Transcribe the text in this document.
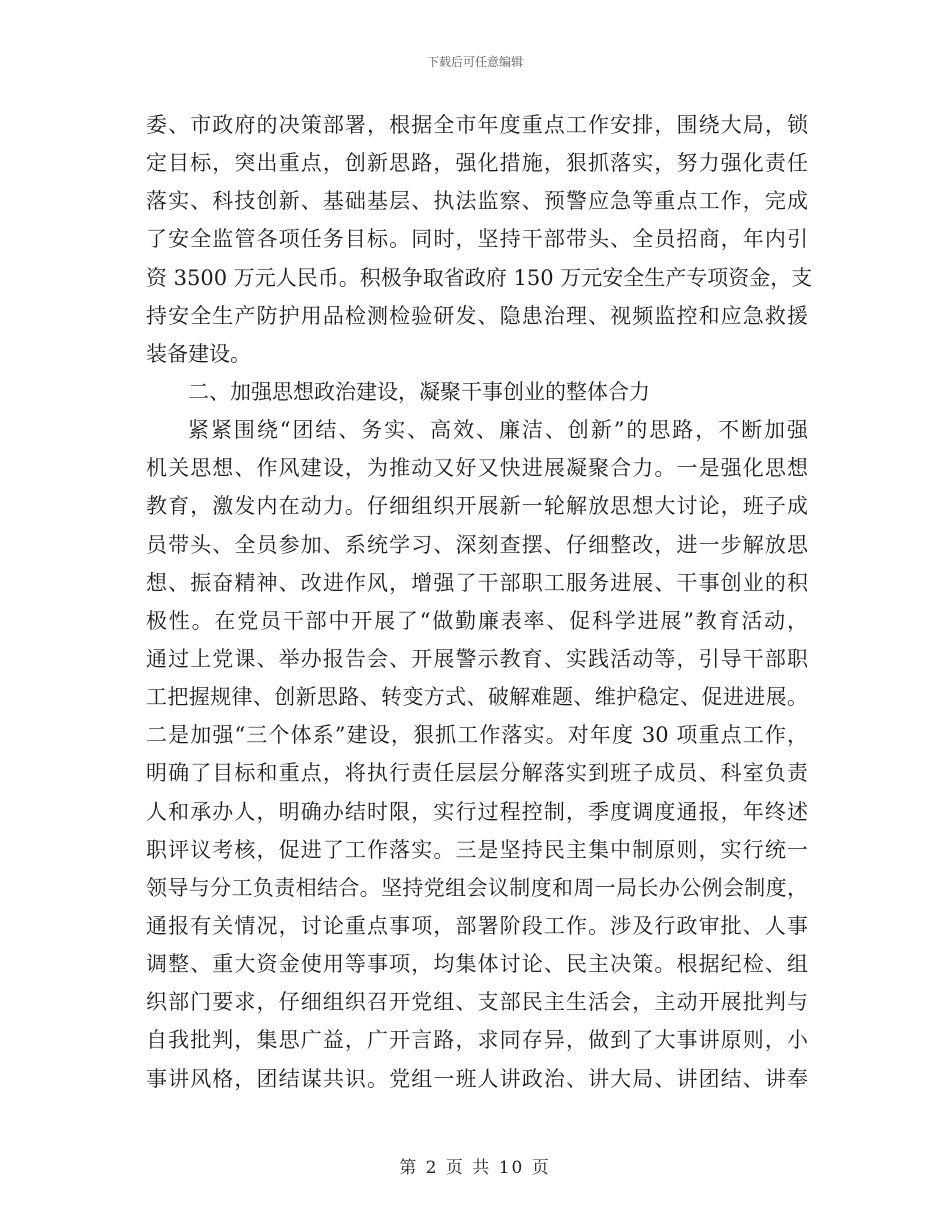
下载后可任意编辑
委、市政府的决策部署，根据全市年度重点工作安排，围绕大局，锁
定目标，突出重点，创新思路，强化措施，狠抓落实，努力强化责任
落实、科技创新、基础基层、执法监察、预警应急等重点工作，完成
了安全监管各项任务目标。同时，坚持干部带头、全员招商，年内引
资 3500 万元人民币。积极争取省政府 150 万元安全生产专项资金，支
持安全生产防护用品检测检验研发、隐患治理、视频监控和应急救援
装备建设。
二、加强思想政治建设，凝聚干事创业的整体合力
紧紧围绕“团结、务实、高效、廉洁、创新”的思路，不断加强
机关思想、作风建设，为推动又好又快进展凝聚合力。一是强化思想
教育，激发内在动力。仔细组织开展新一轮解放思想大讨论，班子成
员带头、全员参加、系统学习、深刻查摆、仔细整改，进一步解放思
想、振奋精神、改进作风，增强了干部职工服务进展、干事创业的积
极性。在党员干部中开展了“做勤廉表率、促科学进展”教育活动，
通过上党课、举办报告会、开展警示教育、实践活动等，引导干部职
工把握规律、创新思路、转变方式、破解难题、维护稳定、促进进展。
二是加强“三个体系”建设，狠抓工作落实。对年度 30 项重点工作，
明确了目标和重点，将执行责任层层分解落实到班子成员、科室负责
人和承办人，明确办结时限，实行过程控制，季度调度通报，年终述
职评议考核，促进了工作落实。三是坚持民主集中制原则，实行统一
领导与分工负责相结合。坚持党组会议制度和周一局长办公例会制度，
通报有关情况，讨论重点事项，部署阶段工作。涉及行政审批、人事
调整、重大资金使用等事项，均集体讨论、民主决策。根据纪检、组
织部门要求，仔细组织召开党组、支部民主生活会，主动开展批判与
自我批判，集思广益，广开言路，求同存异，做到了大事讲原则，小
事讲风格，团结谋共识。党组一班人讲政治、讲大局、讲团结、讲奉
第 2 页 共 10 页
